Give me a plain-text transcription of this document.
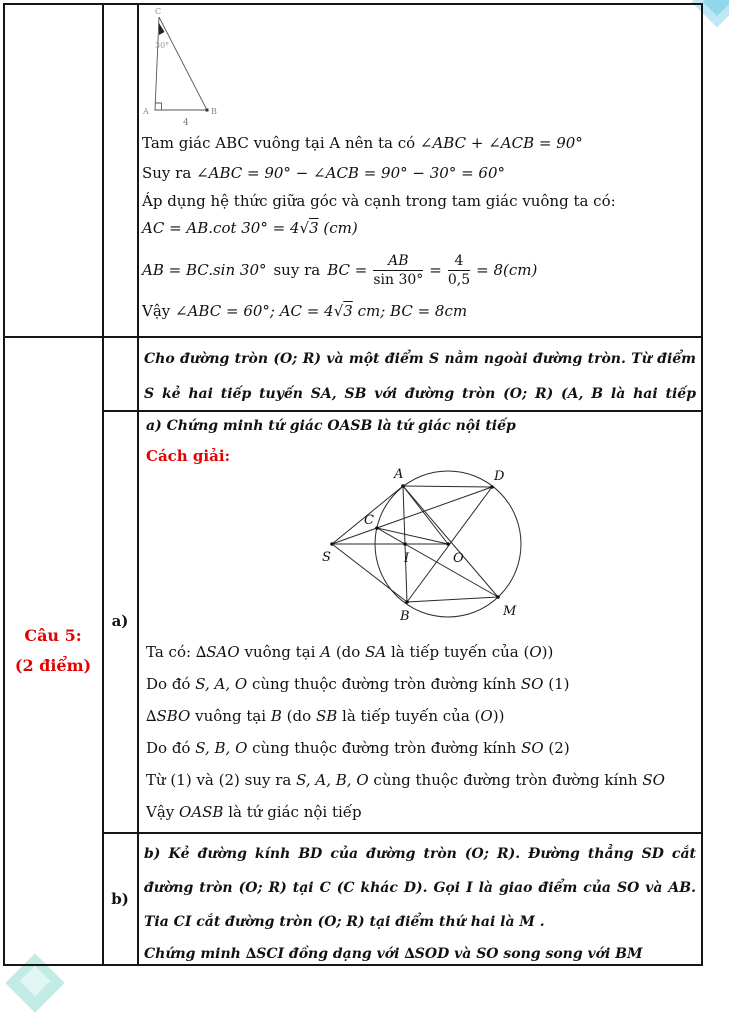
C
A	B
30°
4
Tam giác ABC vuông tại A nên ta có ∠ABC + ∠ACB = 90°
Suy ra ∠ABC = 90° − ∠ACB = 90° − 30° = 60°
Áp dụng hệ thức giữa góc và cạnh trong tam giác vuông ta có:
AC = AB.cot 30° = 4√3 (cm)
AB = BC.sin 30° suy ra BC = $\frac{AB}{\sin 30^\circ} = \frac{4}{0,5} = 8(cm)$
Vậy ∠ABC = 60°; AC = 4√3 cm; BC = 8cm
Câu 5:
(2 điểm)

Cho đường tròn (O; R) và một điểm S nằm ngoài đường tròn. Từ điểm S kẻ hai tiếp tuyến SA, SB với đường tròn (O; R) (A, B là hai tiếp

a)
a) Chứng minh tứ giác OASB là tứ giác nội tiếp
Cách giải:
S
A	D
B	M
C
I	O
Ta có: ∆SAO vuông tại A (do SA là tiếp tuyến của (O))
Do đó S, A, O cùng thuộc đường tròn đường kính SO (1)
∆SBO vuông tại B (do SB là tiếp tuyến của (O))
Do đó S, B, O cùng thuộc đường tròn đường kính SO (2)
Từ (1) và (2) suy ra S, A, B, O cùng thuộc đường tròn đường kính SO
Vậy OASB là tứ giác nội tiếp
b)

b) Kẻ đường kính BD của đường tròn (O; R). Đường thẳng SD cắt đường tròn (O; R) tại C (C khác D). Gọi I là giao điểm của SO và AB. Tia CI cắt đường tròn (O; R) tại điểm thứ hai là M .

Chứng minh ∆SCI đồng dạng với ∆SOD và SO song song với BM
